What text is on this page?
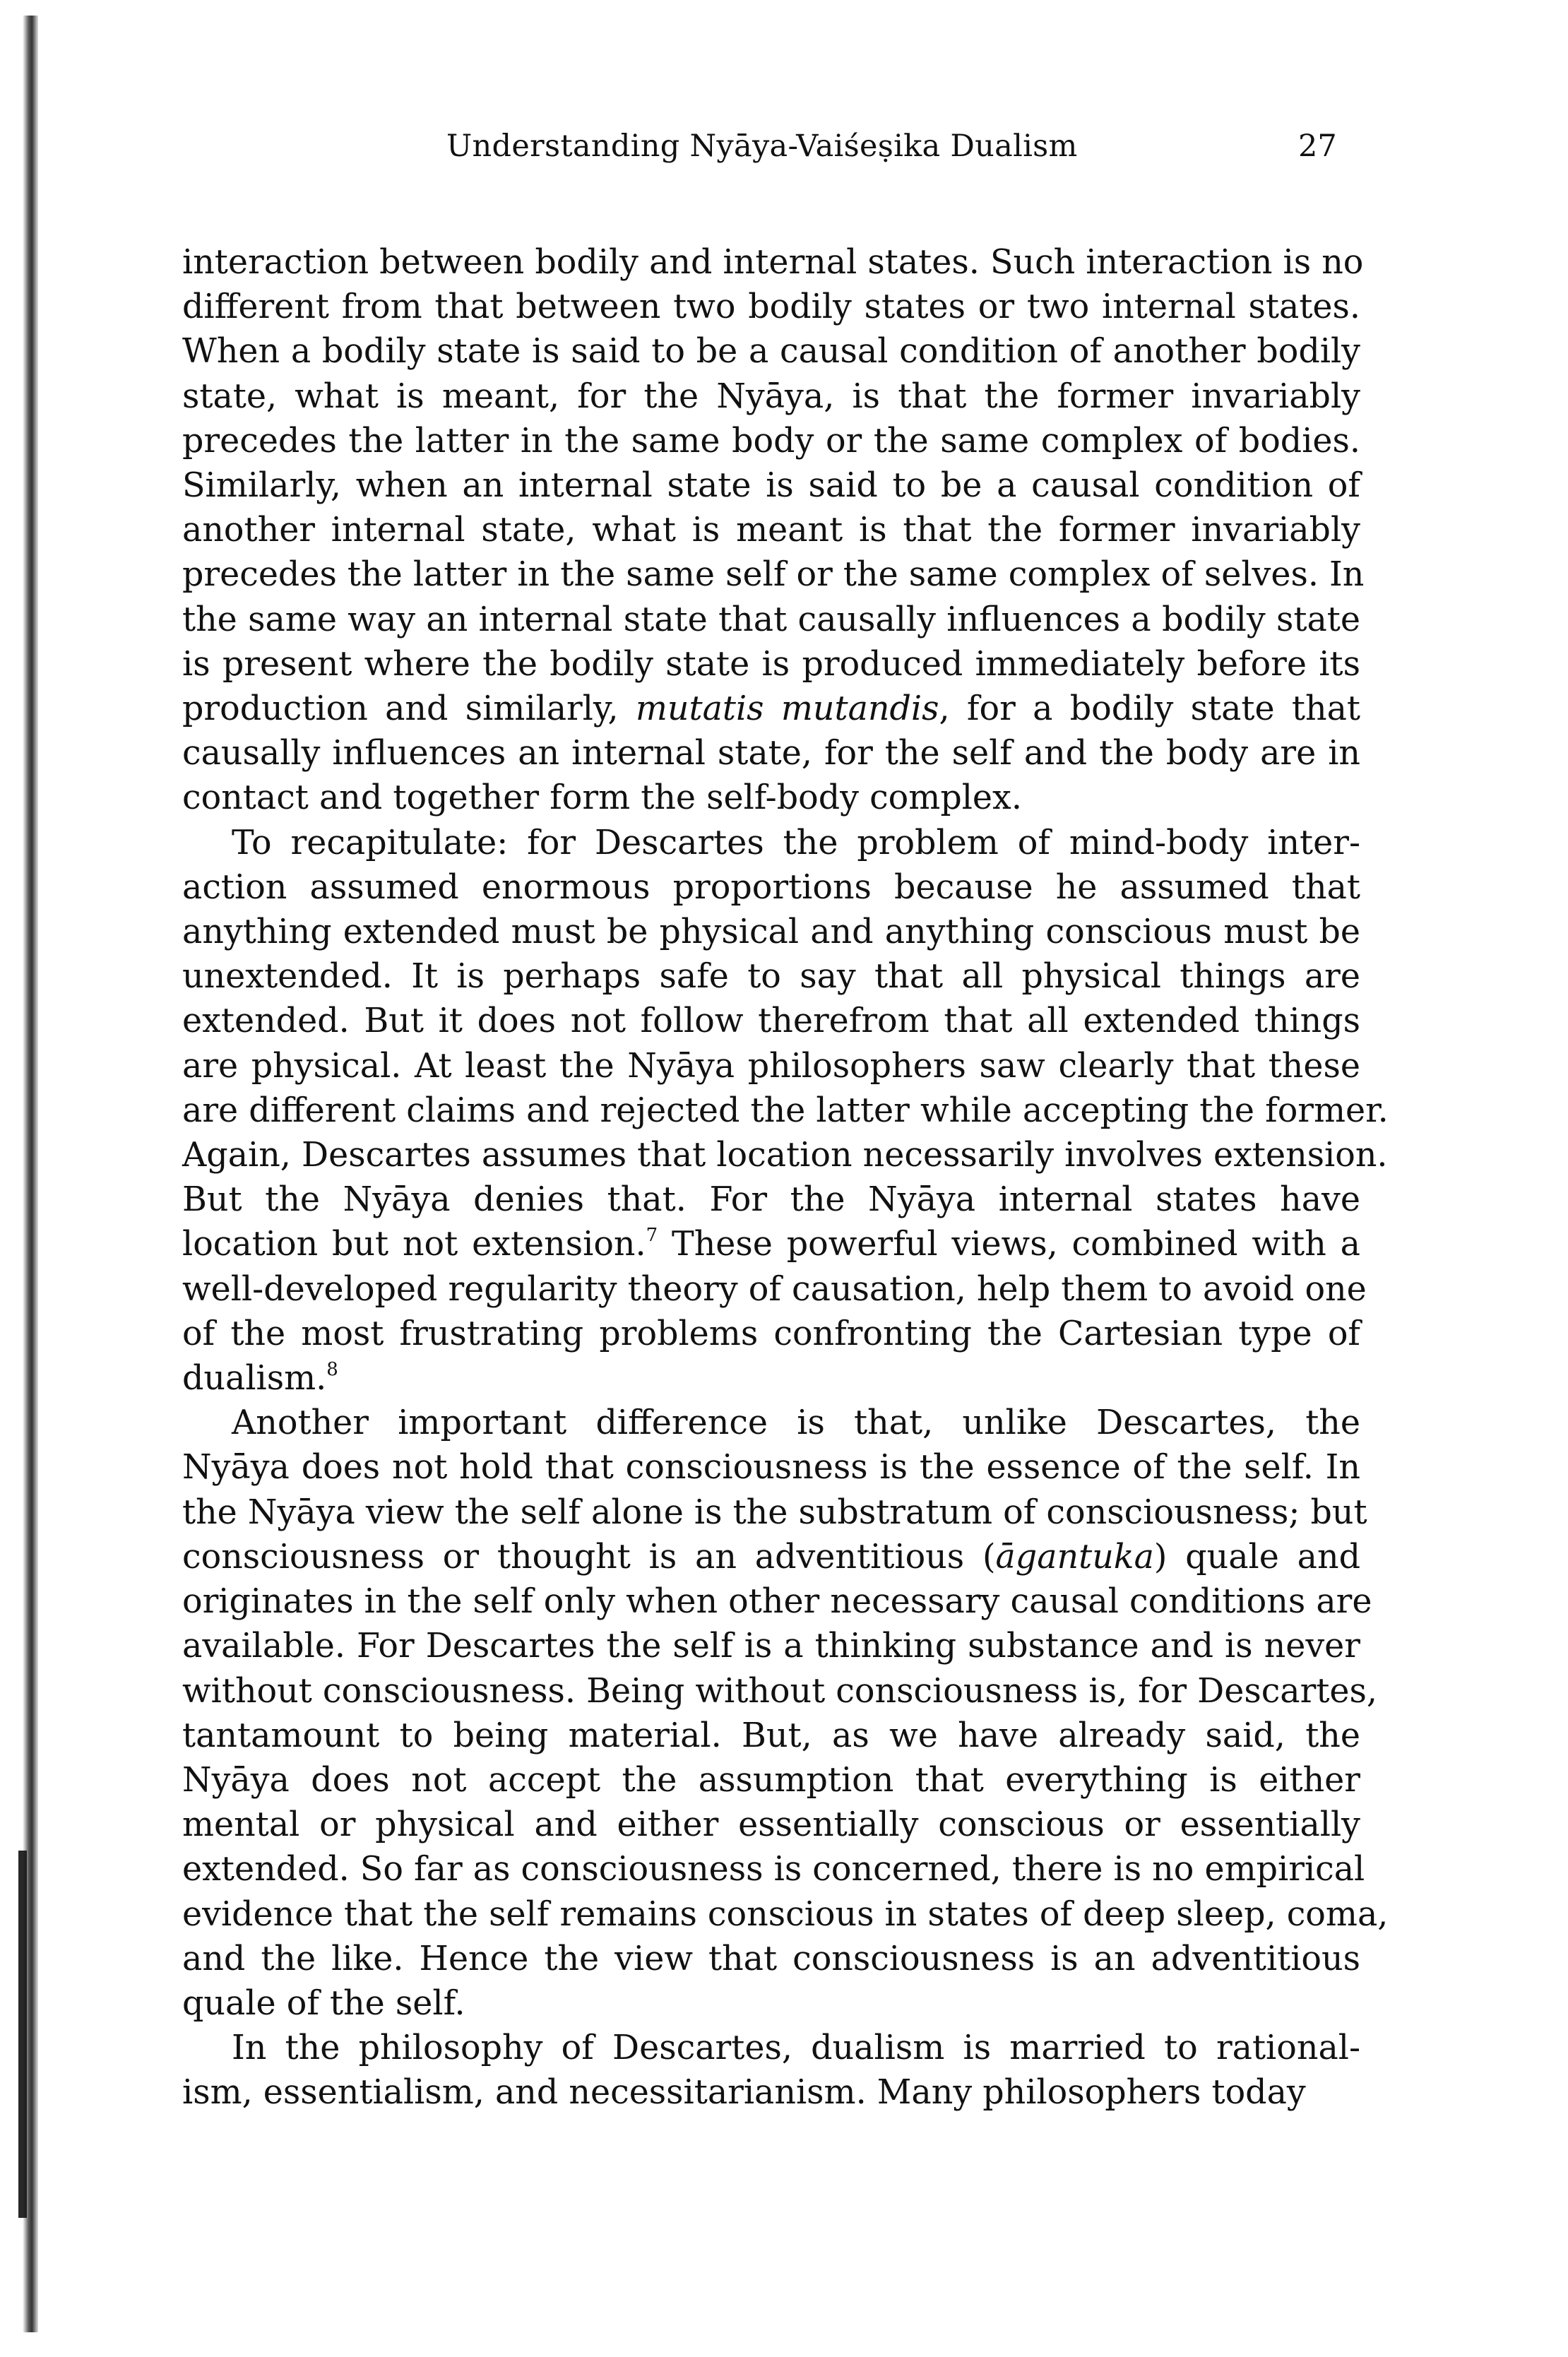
Understanding Nyāya-Vaiśeṣika Dualism	27

interaction between bodily and internal states. Such interaction is no
different from that between two bodily states or two internal states.
When a bodily state is said to be a causal condition of another bodily
state, what is meant, for the Nyāya, is that the former invariably
precedes the latter in the same body or the same complex of bodies.
Similarly, when an internal state is said to be a causal condition of
another internal state, what is meant is that the former invariably
precedes the latter in the same self or the same complex of selves. In
the same way an internal state that causally influences a bodily state
is present where the bodily state is produced immediately before its
production and similarly, mutatis mutandis, for a bodily state that
causally influences an internal state, for the self and the body are in
contact and together form the self-body complex.

To recapitulate: for Descartes the problem of mind-body inter-
action assumed enormous proportions because he assumed that
anything extended must be physical and anything conscious must be
unextended. It is perhaps safe to say that all physical things are
extended. But it does not follow therefrom that all extended things
are physical. At least the Nyāya philosophers saw clearly that these
are different claims and rejected the latter while accepting the former.
Again, Descartes assumes that location necessarily involves extension.
But the Nyāya denies that. For the Nyāya internal states have
location but not extension.$^7$ These powerful views, combined with a
well-developed regularity theory of causation, help them to avoid one
of the most frustrating problems confronting the Cartesian type of
dualism.$^8$

Another important difference is that, unlike Descartes, the
Nyāya does not hold that consciousness is the essence of the self. In
the Nyāya view the self alone is the substratum of consciousness; but
consciousness or thought is an adventitious (āgantuka) quale and
originates in the self only when other necessary causal conditions are
available. For Descartes the self is a thinking substance and is never
without consciousness. Being without consciousness is, for Descartes,
tantamount to being material. But, as we have already said, the
Nyāya does not accept the assumption that everything is either
mental or physical and either essentially conscious or essentially
extended. So far as consciousness is concerned, there is no empirical
evidence that the self remains conscious in states of deep sleep, coma,
and the like. Hence the view that consciousness is an adventitious
quale of the self.

In the philosophy of Descartes, dualism is married to rational-
ism, essentialism, and necessitarianism. Many philosophers today
